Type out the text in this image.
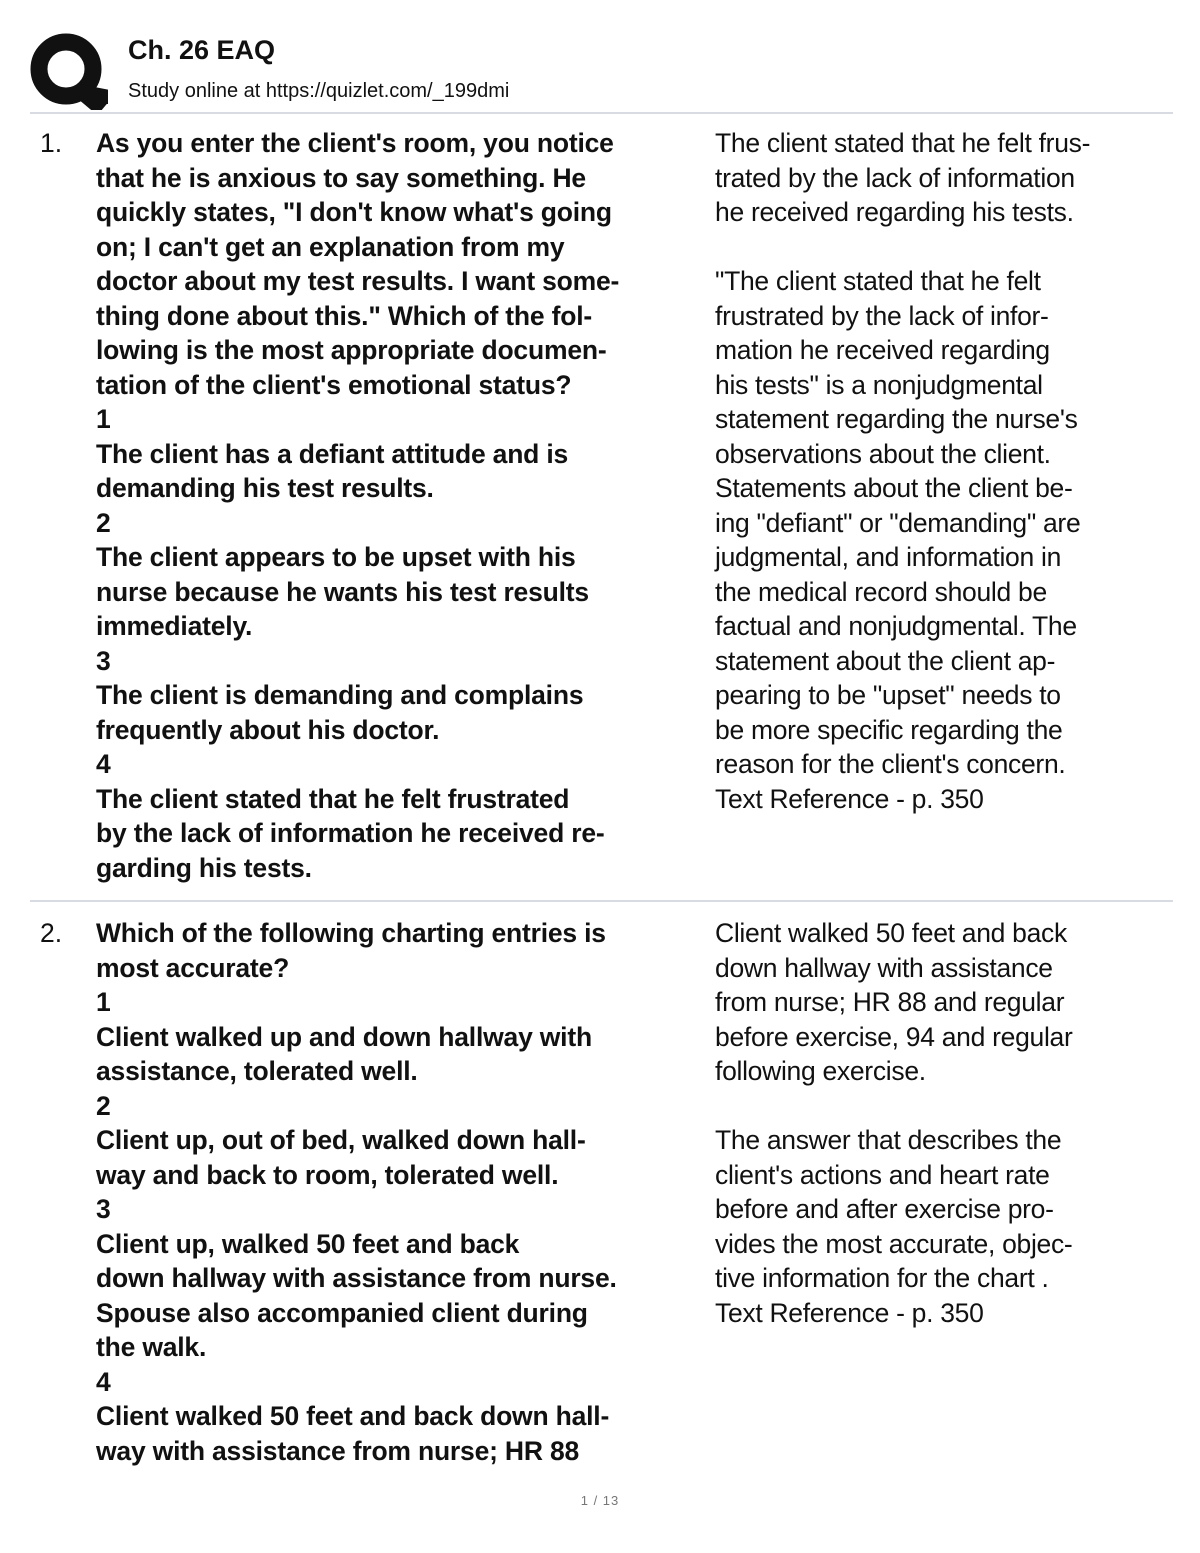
Ch. 26 EAQ
Study online at https://quizlet.com/_199dmi
1. As you enter the client's room, you notice
that he is anxious to say something. He
quickly states, "I don't know what's going
on; I can't get an explanation from my
doctor about my test results. I want some-
thing done about this." Which of the fol-
lowing is the most appropriate documen-
tation of the client's emotional status?
1
The client has a defiant attitude and is
demanding his test results.
2
The client appears to be upset with his
nurse because he wants his test results
immediately.
3
The client is demanding and complains
frequently about his doctor.
4
The client stated that he felt frustrated
by the lack of information he received re-
garding his tests.
The client stated that he felt frus-
trated by the lack of information
he received regarding his tests.
"The client stated that he felt
frustrated by the lack of infor-
mation he received regarding
his tests" is a nonjudgmental
statement regarding the nurse's
observations about the client.
Statements about the client be-
ing "defiant" or "demanding" are
judgmental, and information in
the medical record should be
factual and nonjudgmental. The
statement about the client ap-
pearing to be "upset" needs to
be more specific regarding the
reason for the client's concern.
Text Reference - p. 350
2. Which of the following charting entries is
most accurate?
1
Client walked up and down hallway with
assistance, tolerated well.
2
Client up, out of bed, walked down hall-
way and back to room, tolerated well.
3
Client up, walked 50 feet and back
down hallway with assistance from nurse.
Spouse also accompanied client during
the walk.
4
Client walked 50 feet and back down hall-
way with assistance from nurse; HR 88
Client walked 50 feet and back
down hallway with assistance
from nurse; HR 88 and regular
before exercise, 94 and regular
following exercise.
The answer that describes the
client's actions and heart rate
before and after exercise pro-
vides the most accurate, objec-
tive information for the chart .
Text Reference - p. 350
1 / 13
